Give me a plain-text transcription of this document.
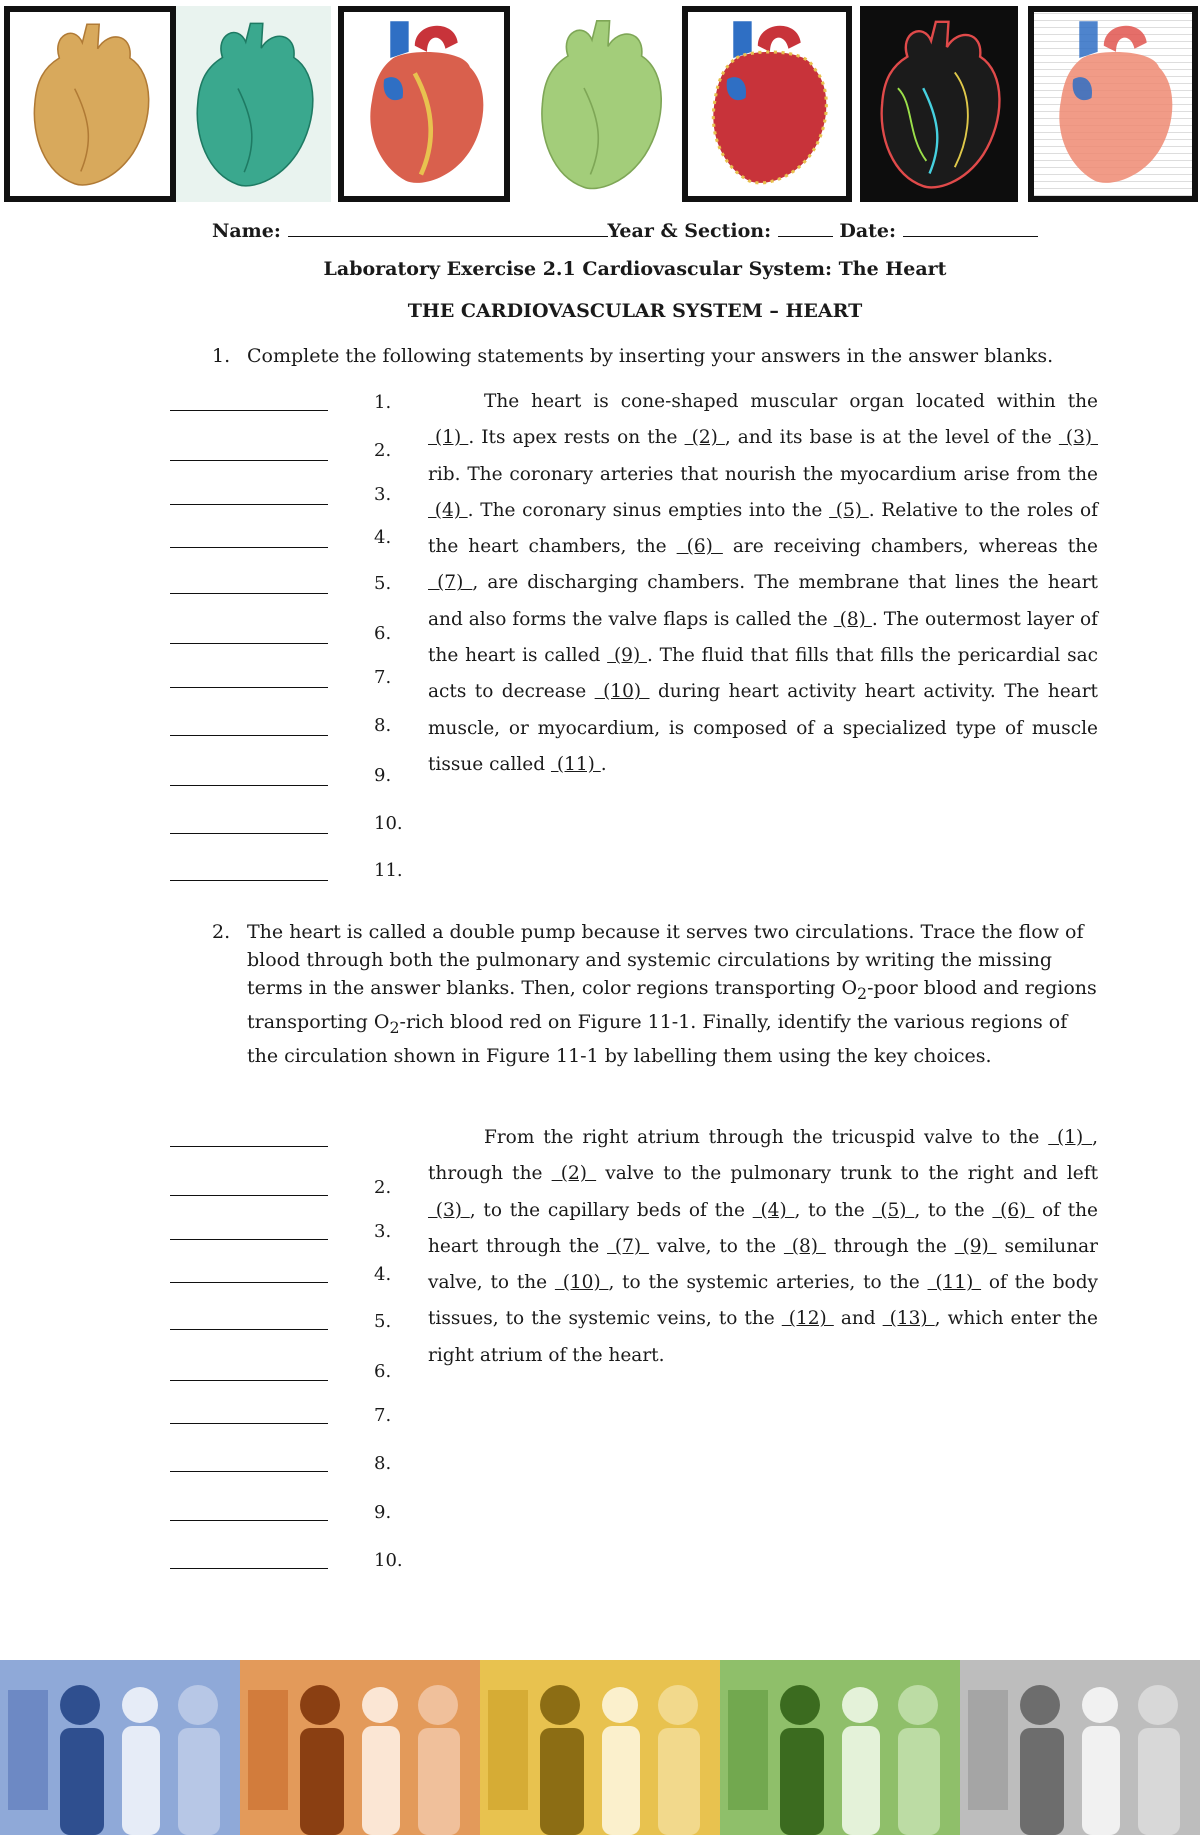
Name:	Year & Section:	Date:
Laboratory Exercise 2.1 Cardiovascular System: The Heart
THE CARDIOVASCULAR SYSTEM – HEART
1. Complete the following statements by inserting your answers in the answer blanks.
1.
2.
3.
4.
5.
6.
7.
8.
9.
10.
11.
The heart is cone-shaped muscular organ located within the  (1) . Its apex rests on the  (2) , and its base is at the level of the  (3)  rib. The coronary arteries that nourish the myocardium arise from the  (4) . The coronary sinus empties into the  (5) . Relative to the roles of the heart chambers, the  (6)  are receiving chambers, whereas the  (7) , are discharging chambers. The membrane that lines the heart and also forms the valve flaps is called the  (8) . The outermost layer of the heart is called  (9) . The fluid that fills that fills the pericardial sac acts to decrease  (10)  during heart activity heart activity. The heart muscle, or myocardium, is composed of a specialized type of muscle tissue called  (11) .
2. The heart is called a double pump because it serves two circulations. Trace the flow of blood through both the pulmonary and systemic circulations by writing the missing terms in the answer blanks. Then, color regions transporting $O_2$-poor blood and regions transporting $O_2$-rich blood red on Figure 11-1. Finally, identify the various regions of the circulation shown in Figure 11-1 by labelling them using the key choices.
2.
3.
4.
5.
6.
7.
8.
9.
10.
From the right atrium through the tricuspid valve to the  (1) , through the  (2)  valve to the pulmonary trunk to the right and left  (3) , to the capillary beds of the  (4) , to the  (5) , to the  (6)  of the heart through the  (7)  valve, to the  (8)  through the  (9)  semilunar valve, to the  (10) , to the systemic arteries, to the  (11)  of the body tissues, to the systemic veins, to the  (12)  and  (13) , which enter the right atrium of the heart.
